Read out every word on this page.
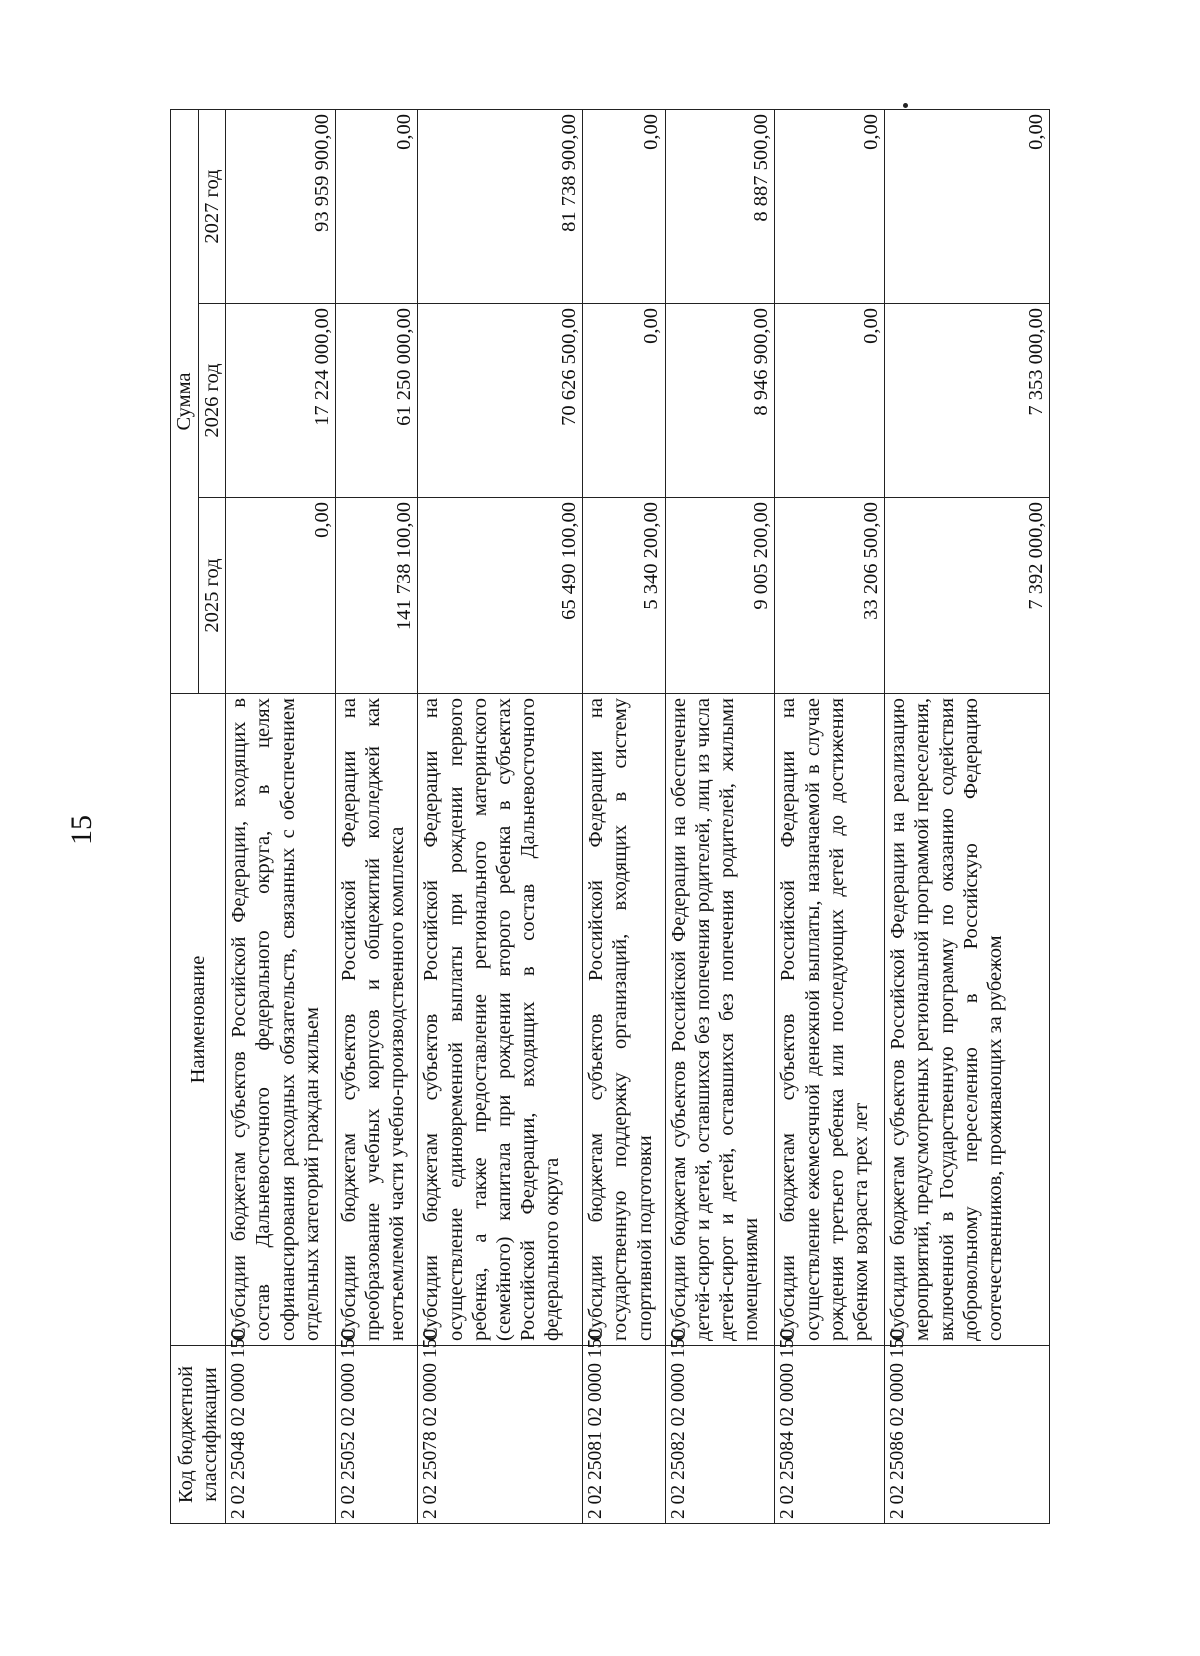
15
Код бюджетной классификации	Наименование	Сумма		
		2025 год	2026 год	2027 год
2 02 25048 02 0000 150	Субсидии бюджетам субъектов Российской Федерации, входящих в состав Дальневосточного федерального округа, в целях софинансирования расходных обязательств, связанных с обеспечением отдельных категорий граждан жильем	0,00	17 224 000,00	93 959 900,00
2 02 25052 02 0000 150	Субсидии бюджетам субъектов Российской Федерации на преобразование учебных корпусов и общежитий колледжей как неотъемлемой части учебно-производственного комплекса	141 738 100,00	61 250 000,00	0,00
2 02 25078 02 0000 150	Субсидии бюджетам субъектов Российской Федерации на осуществление единовременной выплаты при рождении первого ребенка, а также предоставление регионального материнского (семейного) капитала при рождении второго ребенка в субъектах Российской Федерации, входящих в состав Дальневосточного федерального округа	65 490 100,00	70 626 500,00	81 738 900,00
2 02 25081 02 0000 150	Субсидии бюджетам субъектов Российской Федерации на государственную поддержку организаций, входящих в систему спортивной подготовки	5 340 200,00	0,00	0,00
2 02 25082 02 0000 150	Субсидии бюджетам субъектов Российской Федерации на обеспечение детей-сирот и детей, оставшихся без попечения родителей, лиц из числа детей-сирот и детей, оставшихся без попечения родителей, жилыми помещениями	9 005 200,00	8 946 900,00	8 887 500,00
2 02 25084 02 0000 150	Субсидии бюджетам субъектов Российской Федерации на осуществление ежемесячной денежной выплаты, назначаемой в случае рождения третьего ребенка или последующих детей до достижения ребенком возраста трех лет	33 206 500,00	0,00	0,00
2 02 25086 02 0000 150	Субсидии бюджетам субъектов Российской Федерации на реализацию мероприятий, предусмотренных региональной программой переселения, включенной в Государственную программу по оказанию содействия добровольному переселению в Российскую Федерацию соотечественников, проживающих за рубежом	7 392 000,00	7 353 000,00	0,00
